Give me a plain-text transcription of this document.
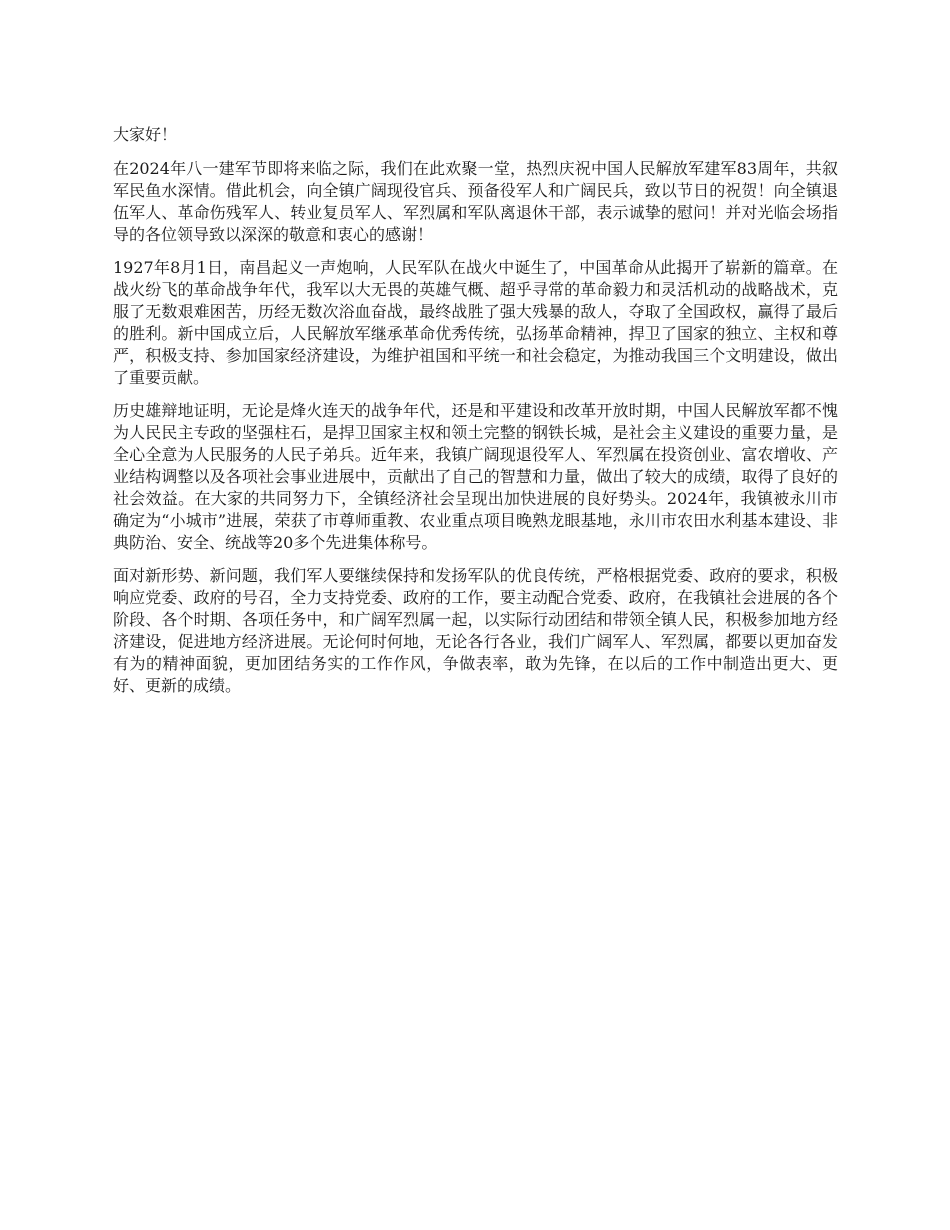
大家好！

在2024年八一建军节即将来临之际，我们在此欢聚一堂，热烈庆祝中国人民解放军建军83周年，共叙军民鱼水深情。借此机会，向全镇广阔现役官兵、预备役军人和广阔民兵，致以节日的祝贺！向全镇退伍军人、革命伤残军人、转业复员军人、军烈属和军队离退休干部，表示诚挚的慰问！并对光临会场指导的各位领导致以深深的敬意和衷心的感谢！

1927年8月1日，南昌起义一声炮响，人民军队在战火中诞生了，中国革命从此揭开了崭新的篇章。在战火纷飞的革命战争年代，我军以大无畏的英雄气概、超乎寻常的革命毅力和灵活机动的战略战术，克服了无数艰难困苦，历经无数次浴血奋战，最终战胜了强大残暴的敌人，夺取了全国政权，赢得了最后的胜利。新中国成立后，人民解放军继承革命优秀传统，弘扬革命精神，捍卫了国家的独立、主权和尊严，积极支持、参加国家经济建设，为维护祖国和平统一和社会稳定，为推动我国三个文明建设，做出了重要贡献。

历史雄辩地证明，无论是烽火连天的战争年代，还是和平建设和改革开放时期，中国人民解放军都不愧为人民民主专政的坚强柱石，是捍卫国家主权和领土完整的钢铁长城，是社会主义建设的重要力量，是全心全意为人民服务的人民子弟兵。近年来，我镇广阔现退役军人、军烈属在投资创业、富农增收、产业结构调整以及各项社会事业进展中，贡献出了自己的智慧和力量，做出了较大的成绩，取得了良好的社会效益。在大家的共同努力下，全镇经济社会呈现出加快进展的良好势头。2024年，我镇被永川市确定为“小城市”进展，荣获了市尊师重教、农业重点项目晚熟龙眼基地，永川市农田水利基本建设、非典防治、安全、统战等20多个先进集体称号。

面对新形势、新问题，我们军人要继续保持和发扬军队的优良传统，严格根据党委、政府的要求，积极响应党委、政府的号召，全力支持党委、政府的工作，要主动配合党委、政府，在我镇社会进展的各个阶段、各个时期、各项任务中，和广阔军烈属一起，以实际行动团结和带领全镇人民，积极参加地方经济建设，促进地方经济进展。无论何时何地，无论各行各业，我们广阔军人、军烈属，都要以更加奋发有为的精神面貌，更加团结务实的工作作风，争做表率，敢为先锋，在以后的工作中制造出更大、更好、更新的成绩。
